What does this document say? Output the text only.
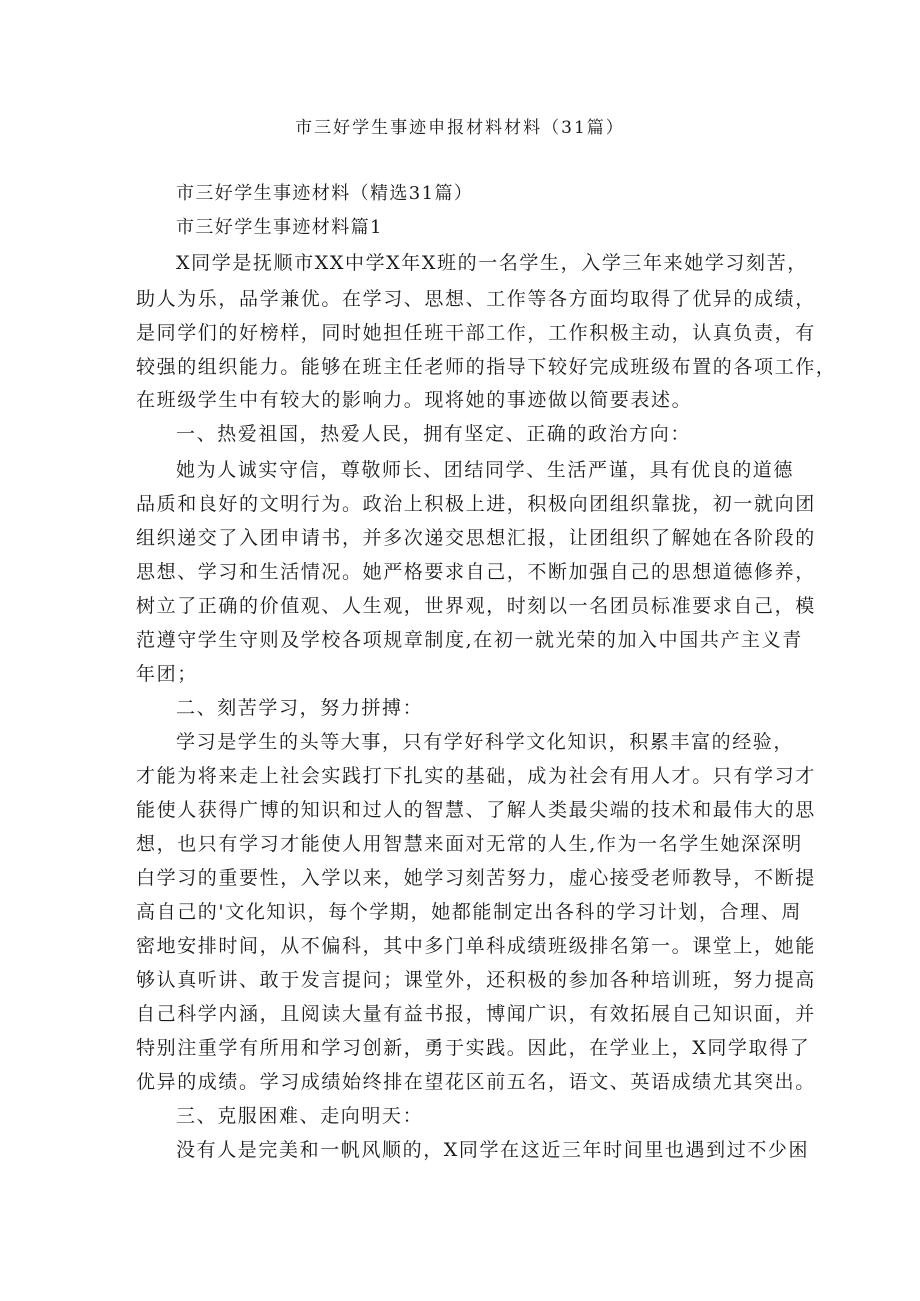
市三好学生事迹申报材料材料（31篇）
市三好学生事迹材料（精选31篇）
市三好学生事迹材料篇1
X同学是抚顺市XX中学X年X班的一名学生，入学三年来她学习刻苦，
助人为乐，品学兼优。在学习、思想、工作等各方面均取得了优异的成绩，
是同学们的好榜样，同时她担任班干部工作，工作积极主动，认真负责，有
较强的组织能力。能够在班主任老师的指导下较好完成班级布置的各项工作，
在班级学生中有较大的影响力。现将她的事迹做以简要表述。
一、热爱祖国，热爱人民，拥有坚定、正确的政治方向：
她为人诚实守信，尊敬师长、团结同学、生活严谨，具有优良的道德
品质和良好的文明行为。政治上积极上进，积极向团组织靠拢，初一就向团
组织递交了入团申请书，并多次递交思想汇报，让团组织了解她在各阶段的
思想、学习和生活情况。她严格要求自己，不断加强自己的思想道德修养，
树立了正确的价值观、人生观，世界观，时刻以一名团员标准要求自己，模
范遵守学生守则及学校各项规章制度,在初一就光荣的加入中国共产主义青
年团；
二、刻苦学习，努力拼搏：
学习是学生的头等大事，只有学好科学文化知识，积累丰富的经验，
才能为将来走上社会实践打下扎实的基础，成为社会有用人才。只有学习才
能使人获得广博的知识和过人的智慧、了解人类最尖端的技术和最伟大的思
想，也只有学习才能使人用智慧来面对无常的人生,作为一名学生她深深明
白学习的重要性，入学以来，她学习刻苦努力，虚心接受老师教导，不断提
高自己的'文化知识，每个学期，她都能制定出各科的学习计划，合理、周
密地安排时间，从不偏科，其中多门单科成绩班级排名第一。课堂上，她能
够认真听讲、敢于发言提问；课堂外，还积极的参加各种培训班，努力提高
自己科学内涵，且阅读大量有益书报，博闻广识，有效拓展自己知识面，并
特别注重学有所用和学习创新，勇于实践。因此，在学业上，X同学取得了
优异的成绩。学习成绩始终排在望花区前五名，语文、英语成绩尤其突出。
三、克服困难、走向明天：
没有人是完美和一帆风顺的，X同学在这近三年时间里也遇到过不少困
